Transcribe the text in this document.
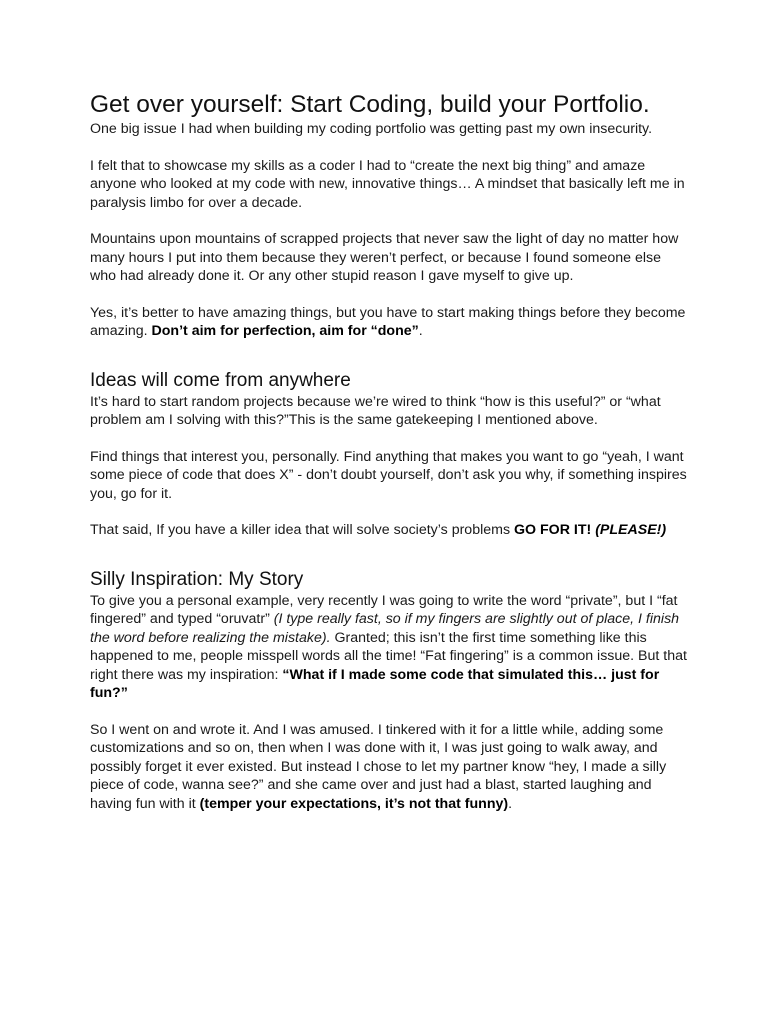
Get over yourself: Start Coding, build your Portfolio.

One big issue I had when building my coding portfolio was getting past my own insecurity.

I felt that to showcase my skills as a coder I had to “create the next big thing” and amaze anyone who looked at my code with new, innovative things… A mindset that basically left me in paralysis limbo for over a decade.

Mountains upon mountains of scrapped projects that never saw the light of day no matter how many hours I put into them because they weren’t perfect, or because I found someone else who had already done it. Or any other stupid reason I gave myself to give up.

Yes, it’s better to have amazing things, but you have to start making things before they become amazing. Don’t aim for perfection, aim for “done”.

Ideas will come from anywhere

It’s hard to start random projects because we’re wired to think “how is this useful?” or “what problem am I solving with this?”This is the same gatekeeping I mentioned above.

Find things that interest you, personally. Find anything that makes you want to go “yeah, I want some piece of code that does X” - don’t doubt yourself, don’t ask you why, if something inspires you, go for it.

That said, If you have a killer idea that will solve society’s problems GO FOR IT! (PLEASE!)

Silly Inspiration: My Story

To give you a personal example, very recently I was going to write the word “private”, but I “fat fingered” and typed “oruvatr” (I type really fast, so if my fingers are slightly out of place, I finish the word before realizing the mistake). Granted; this isn’t the first time something like this happened to me, people misspell words all the time! “Fat fingering” is a common issue. But that right there was my inspiration: “What if I made some code that simulated this… just for fun?”

So I went on and wrote it. And I was amused. I tinkered with it for a little while, adding some customizations and so on, then when I was done with it, I was just going to walk away, and possibly forget it ever existed. But instead I chose to let my partner know “hey, I made a silly piece of code, wanna see?” and she came over and just had a blast, started laughing and having fun with it (temper your expectations, it’s not that funny).
